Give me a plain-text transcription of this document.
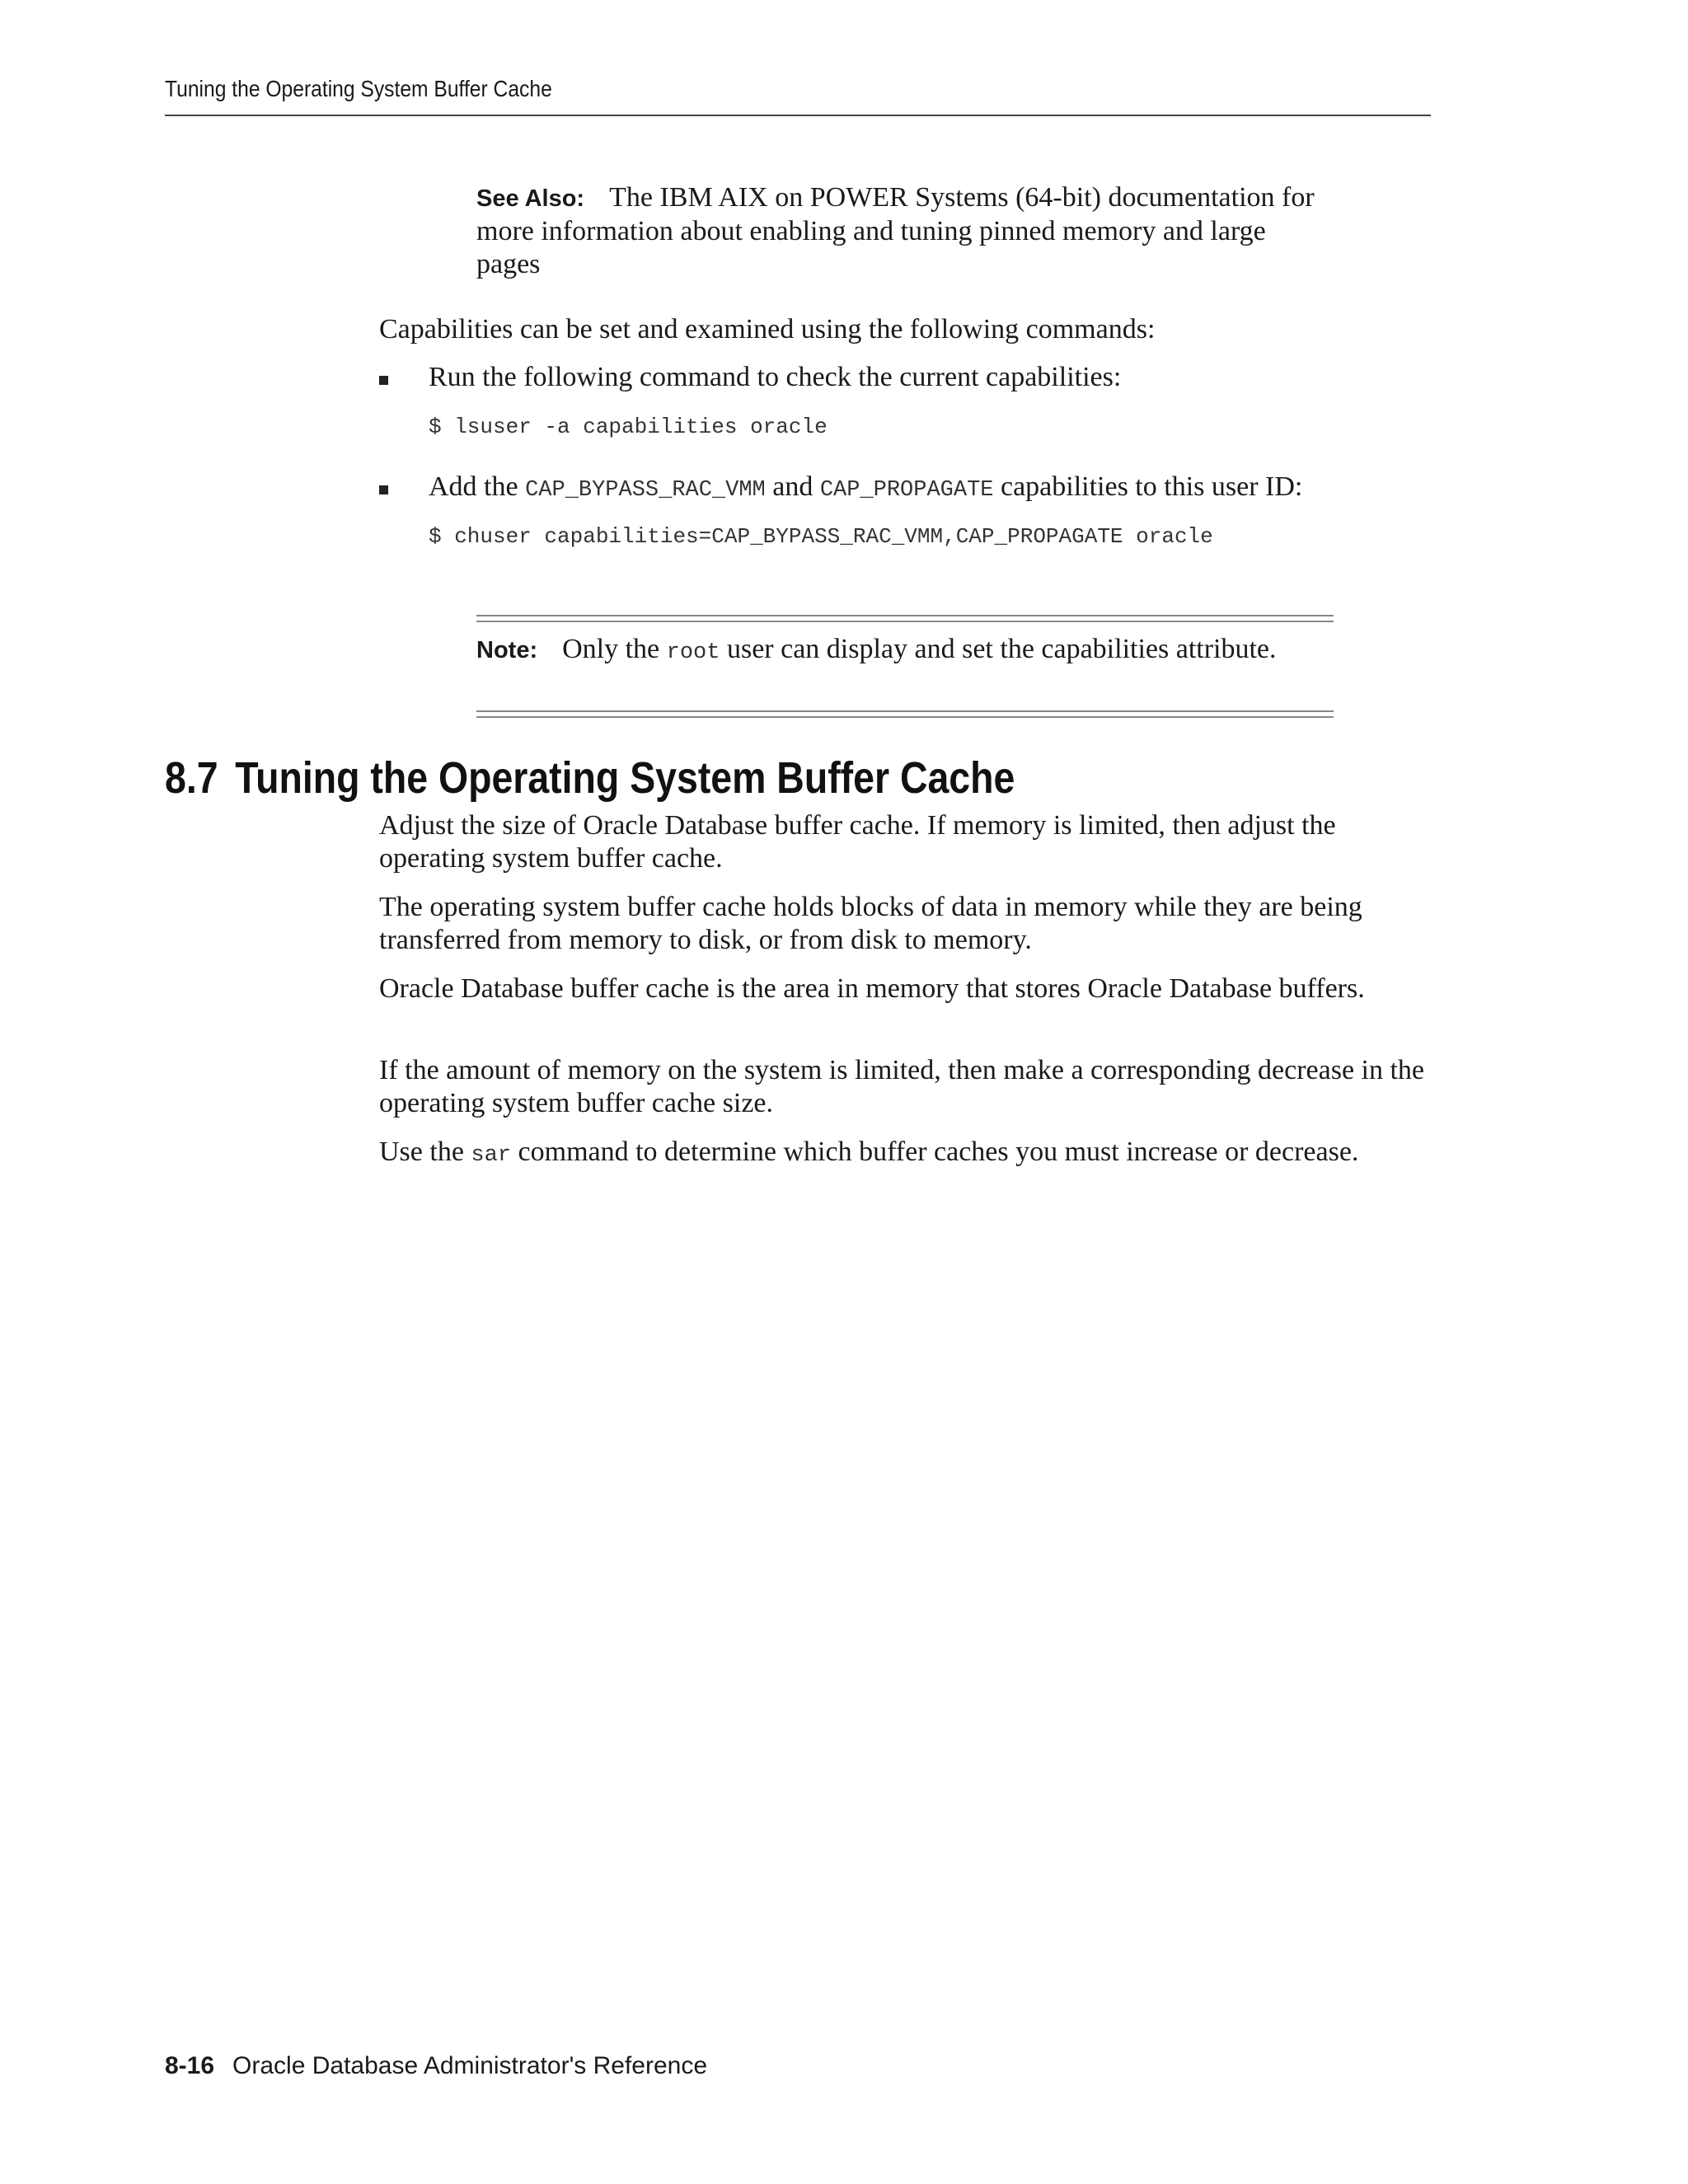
Tuning the Operating System Buffer Cache
See Also: The IBM AIX on POWER Systems (64-bit) documentation for more information about enabling and tuning pinned memory and large pages
Capabilities can be set and examined using the following commands:
Run the following command to check the current capabilities:
$ lsuser -a capabilities oracle
Add the CAP_BYPASS_RAC_VMM and CAP_PROPAGATE capabilities to this user ID:
$ chuser capabilities=CAP_BYPASS_RAC_VMM,CAP_PROPAGATE oracle
Note: Only the root user can display and set the capabilities attribute.
8.7 Tuning the Operating System Buffer Cache
Adjust the size of Oracle Database buffer cache. If memory is limited, then adjust the operating system buffer cache.
The operating system buffer cache holds blocks of data in memory while they are being transferred from memory to disk, or from disk to memory.
Oracle Database buffer cache is the area in memory that stores Oracle Database buffers.
If the amount of memory on the system is limited, then make a corresponding decrease in the operating system buffer cache size.
Use the sar command to determine which buffer caches you must increase or decrease.
8-16 Oracle Database Administrator's Reference
